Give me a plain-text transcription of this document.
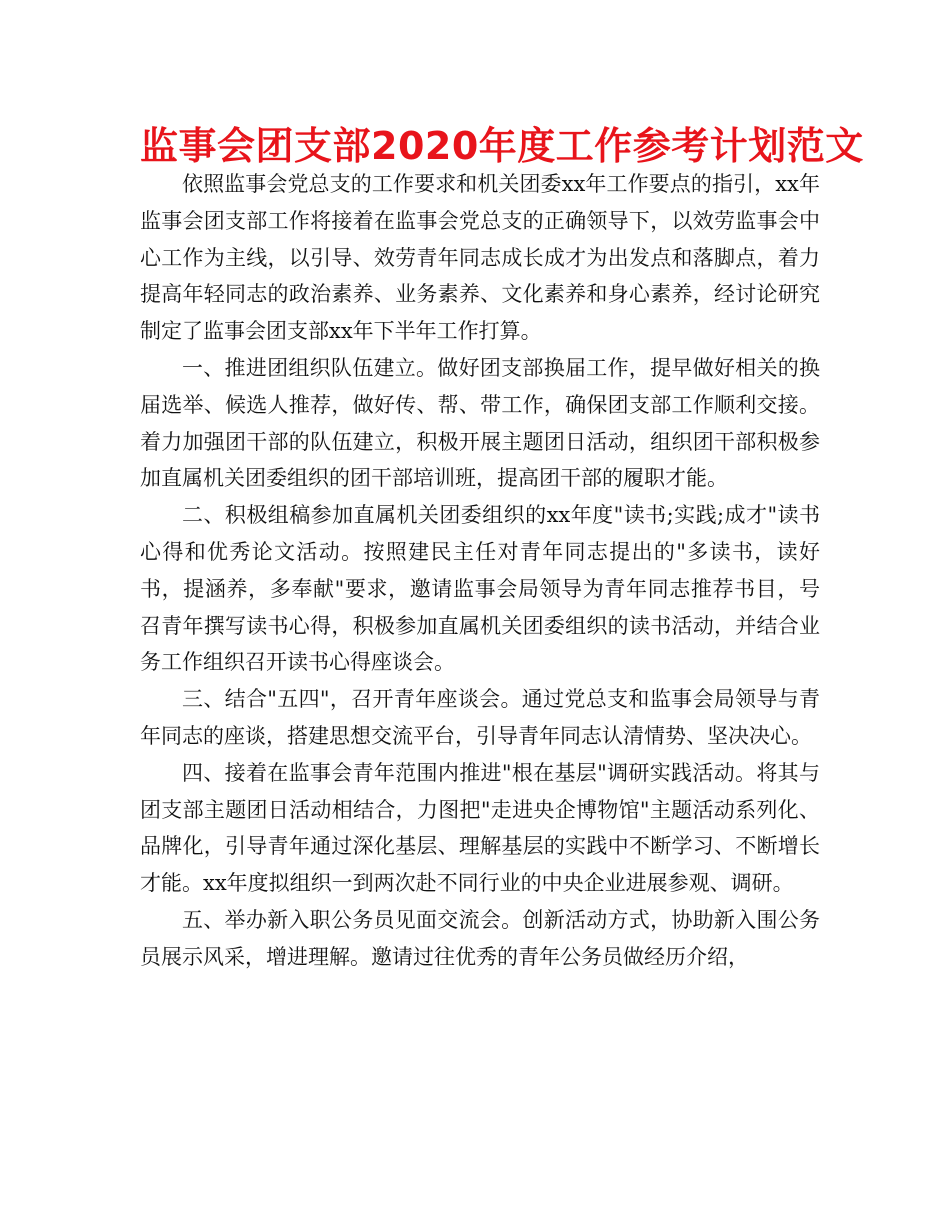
监事会团支部2020年度工作参考计划范文

依照监事会党总支的工作要求和机关团委xx年工作要点的指引，xx年监事会团支部工作将接着在监事会党总支的正确领导下，以效劳监事会中心工作为主线，以引导、效劳青年同志成长成才为出发点和落脚点，着力提高年轻同志的政治素养、业务素养、文化素养和身心素养，经讨论研究制定了监事会团支部xx年下半年工作打算。

一、推进团组织队伍建立。做好团支部换届工作，提早做好相关的换届选举、候选人推荐，做好传、帮、带工作，确保团支部工作顺利交接。着力加强团干部的队伍建立，积极开展主题团日活动，组织团干部积极参加直属机关团委组织的团干部培训班，提高团干部的履职才能。

二、积极组稿参加直属机关团委组织的xx年度"读书;实践;成才"读书心得和优秀论文活动。按照建民主任对青年同志提出的"多读书，读好书，提涵养，多奉献"要求，邀请监事会局领导为青年同志推荐书目，号召青年撰写读书心得，积极参加直属机关团委组织的读书活动，并结合业务工作组织召开读书心得座谈会。

三、结合"五四"，召开青年座谈会。通过党总支和监事会局领导与青年同志的座谈，搭建思想交流平台，引导青年同志认清情势、坚决决心。

四、接着在监事会青年范围内推进"根在基层"调研实践活动。将其与团支部主题团日活动相结合，力图把"走进央企博物馆"主题活动系列化、品牌化，引导青年通过深化基层、理解基层的实践中不断学习、不断增长才能。xx年度拟组织一到两次赴不同行业的中央企业进展参观、调研。

五、举办新入职公务员见面交流会。创新活动方式，协助新入围公务员展示风采，增进理解。邀请过往优秀的青年公务员做经历介绍，
